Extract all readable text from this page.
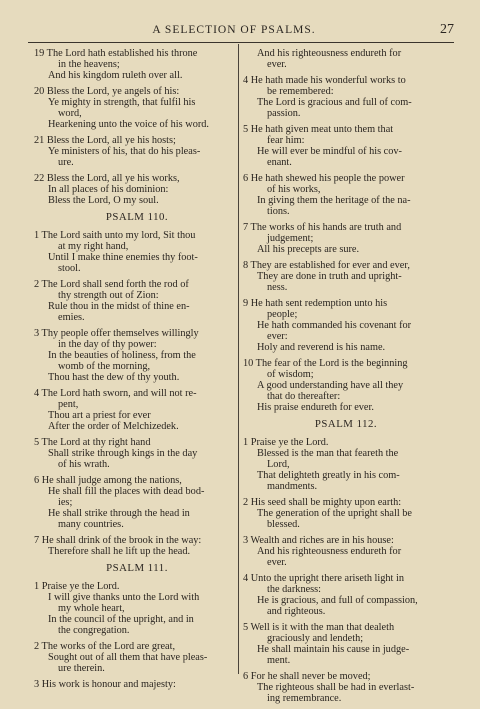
A SELECTION OF PSALMS.	27
19 The Lord hath established his throne
in the heavens;
And his kingdom ruleth over all.
20 Bless the Lord, ye angels of his:
Ye mighty in strength, that fulfil his
word,
Hearkening unto the voice of his word.
21 Bless the Lord, all ye his hosts;
Ye ministers of his, that do his pleas-
ure.
22 Bless the Lord, all ye his works,
In all places of his dominion:
Bless the Lord, O my soul.
PSALM 110.
1 The Lord saith unto my lord, Sit thou
at my right hand,
Until I make thine enemies thy foot-
stool.
2 The Lord shall send forth the rod of
thy strength out of Zion:
Rule thou in the midst of thine en-
emies.
3 Thy people offer themselves willingly
in the day of thy power:
In the beauties of holiness, from the
womb of the morning,
Thou hast the dew of thy youth.
4 The Lord hath sworn, and will not re-
pent,
Thou art a priest for ever
After the order of Melchizedek.
5 The Lord at thy right hand
Shall strike through kings in the day
of his wrath.
6 He shall judge among the nations,
He shall fill the places with dead bod-
ies;
He shall strike through the head in
many countries.
7 He shall drink of the brook in the way:
Therefore shall he lift up the head.
PSALM 111.
1 Praise ye the Lord.
I will give thanks unto the Lord with
my whole heart,
In the council of the upright, and in
the congregation.
2 The works of the Lord are great,
Sought out of all them that have pleas-
ure therein.
3 His work is honour and majesty:
And his righteousness endureth for
ever.
4 He hath made his wonderful works to
be remembered:
The Lord is gracious and full of com-
passion.
5 He hath given meat unto them that
fear him:
He will ever be mindful of his cov-
enant.
6 He hath shewed his people the power
of his works,
In giving them the heritage of the na-
tions.
7 The works of his hands are truth and
judgement;
All his precepts are sure.
8 They are established for ever and ever,
They are done in truth and upright-
ness.
9 He hath sent redemption unto his
people;
He hath commanded his covenant for
ever:
Holy and reverend is his name.
10 The fear of the Lord is the beginning
of wisdom;
A good understanding have all they
that do thereafter:
His praise endureth for ever.
PSALM 112.
1 Praise ye the Lord.
Blessed is the man that feareth the
Lord,
That delighteth greatly in his com-
mandments.
2 His seed shall be mighty upon earth:
The generation of the upright shall be
blessed.
3 Wealth and riches are in his house:
And his righteousness endureth for
ever.
4 Unto the upright there ariseth light in
the darkness:
He is gracious, and full of compassion,
and righteous.
5 Well is it with the man that dealeth
graciously and lendeth;
He shall maintain his cause in judge-
ment.
6 For he shall never be moved;
The righteous shall be had in everlast-
ing remembrance.
